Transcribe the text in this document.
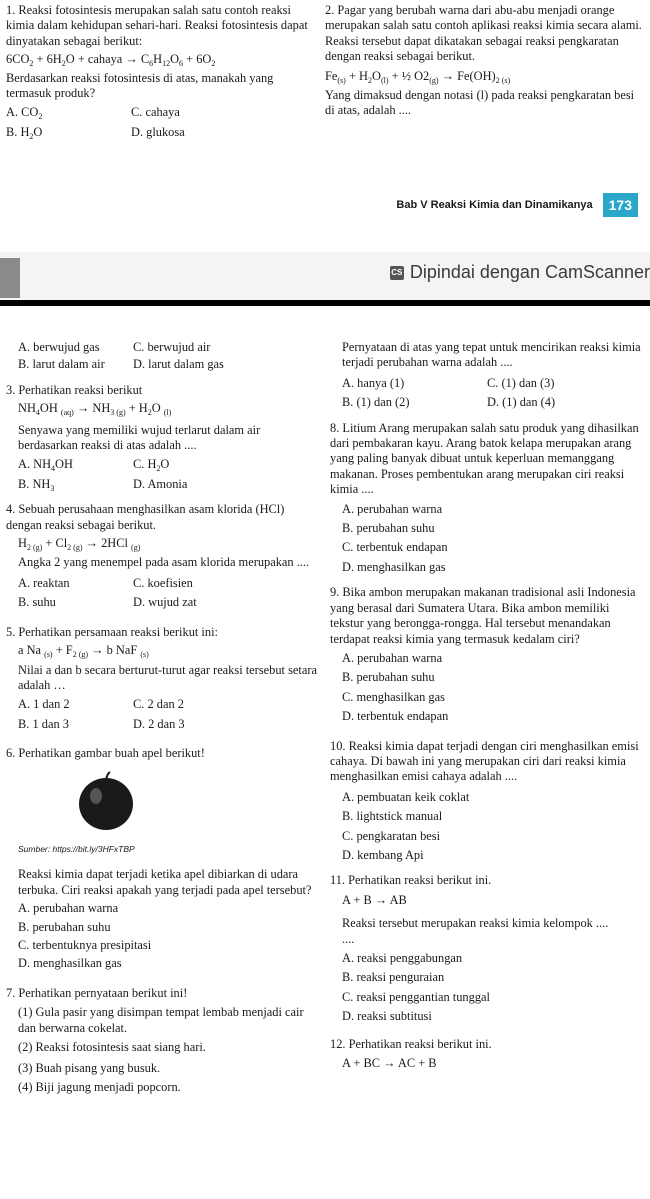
1. Reaksi fotosintesis merupakan salah satu contoh reaksi kimia dalam kehidupan sehari-hari. Reaksi fotosintesis dapat dinyatakan sebagai berikut:

$6CO_2 + 6H_2O$ + cahaya → $C_6H_{12}O_6 + 6O_2$

Berdasarkan reaksi fotosintesis di atas, manakah yang termasuk produk?

A. $CO_2$	C. cahaya
B. $H_2O$	D. glukosa

2. Pagar yang berubah warna dari abu-abu menjadi orange merupakan salah satu contoh aplikasi reaksi kimia secara alami. Reaksi tersebut dapat dikatakan sebagai reaksi pengkaratan dengan reaksi sebagai berikut.

$Fe_{(s)} + H_2O_{(l)}$ + ½ $O2_{(g)} \to Fe(OH)_{2 (s)}$

Yang dimaksud dengan notasi (l) pada reaksi pengkaratan besi di atas, adalah ....

Bab V Reaksi Kimia dan Dinamikanya	173
CS Dipindai dengan CamScanner
A. berwujud gas	C. berwujud air
B. larut dalam air	D. larut dalam gas

3. Perhatikan reaksi berikut

$NH_4OH$ $_{(aq)} \to NH_{3 (g)} + H_2O$ $_{(l)}$

Senyawa yang memiliki wujud terlarut dalam air berdasarkan reaksi di atas adalah ....

A. $NH_4OH$	C. $H_2O$
B. $NH_3$	D. Amonia

4. Sebuah perusahaan menghasilkan asam klorida (HCl) dengan reaksi sebagai berikut.

$H_{2 (g)} + Cl_{2 (g)} \to 2HCl$ $_{(g)}$

Angka 2 yang menempel pada asam klorida merupakan ....

A. reaktan	C. koefisien
B. suhu	D. wujud zat

5. Perhatikan persamaan reaksi berikut ini:

a Na $_{(s)} + F_{2 (g)} \to b$ NaF $_{(s)}$

Nilai a dan b secara berturut-turut agar reaksi tersebut setara adalah …

A. 1 dan 2	C. 2 dan 2
B. 1 dan 3	D. 2 dan 3

6. Perhatikan gambar buah apel berikut!

Sumber: https://bit.ly/3HFxTBP

Reaksi kimia dapat terjadi ketika apel dibiarkan di udara terbuka. Ciri reaksi apakah yang terjadi pada apel tersebut?

A. perubahan warna

B. perubahan suhu

C. terbentuknya presipitasi

D. menghasilkan gas

7. Perhatikan pernyataan berikut ini!

(1) Gula pasir yang disimpan tempat lembab menjadi cair dan berwarna cokelat.

(2) Reaksi fotosintesis saat siang hari.

(3) Buah pisang yang busuk.

(4) Biji jagung menjadi popcorn.

Pernyataan di atas yang tepat untuk mencirikan reaksi kimia terjadi perubahan warna adalah ....

A. hanya (1)	C. (1) dan (3)
B. (1) dan (2)	D. (1) dan (4)

8. Litium Arang merupakan salah satu produk yang dihasilkan dari pembakaran kayu. Arang batok kelapa merupakan arang yang paling banyak dibuat untuk keperluan memanggang makanan. Proses pembentukan arang merupakan ciri reaksi kimia ....

A. perubahan warna

B. perubahan suhu

C. terbentuk endapan

D. menghasilkan gas

9. Bika ambon merupakan makanan tradisional asli Indonesia yang berasal dari Sumatera Utara. Bika ambon memiliki tekstur yang berongga-rongga. Hal tersebut menandakan terdapat reaksi kimia yang termasuk kedalam ciri?

A. perubahan warna

B. perubahan suhu

C. menghasilkan gas

D. terbentuk endapan

10. Reaksi kimia dapat terjadi dengan ciri menghasilkan emisi cahaya. Di bawah ini yang merupakan ciri dari reaksi kimia menghasilkan emisi cahaya adalah ....

A. pembuatan keik coklat

B. lightstick manual

C. pengkaratan besi

D. kembang Api

11. Perhatikan reaksi berikut ini.

A + B → AB

Reaksi tersebut merupakan reaksi kimia kelompok ....

....

A. reaksi penggabungan

B. reaksi penguraian

C. reaksi penggantian tunggal

D. reaksi subtitusi

12. Perhatikan reaksi berikut ini.

A + BC → AC + B
